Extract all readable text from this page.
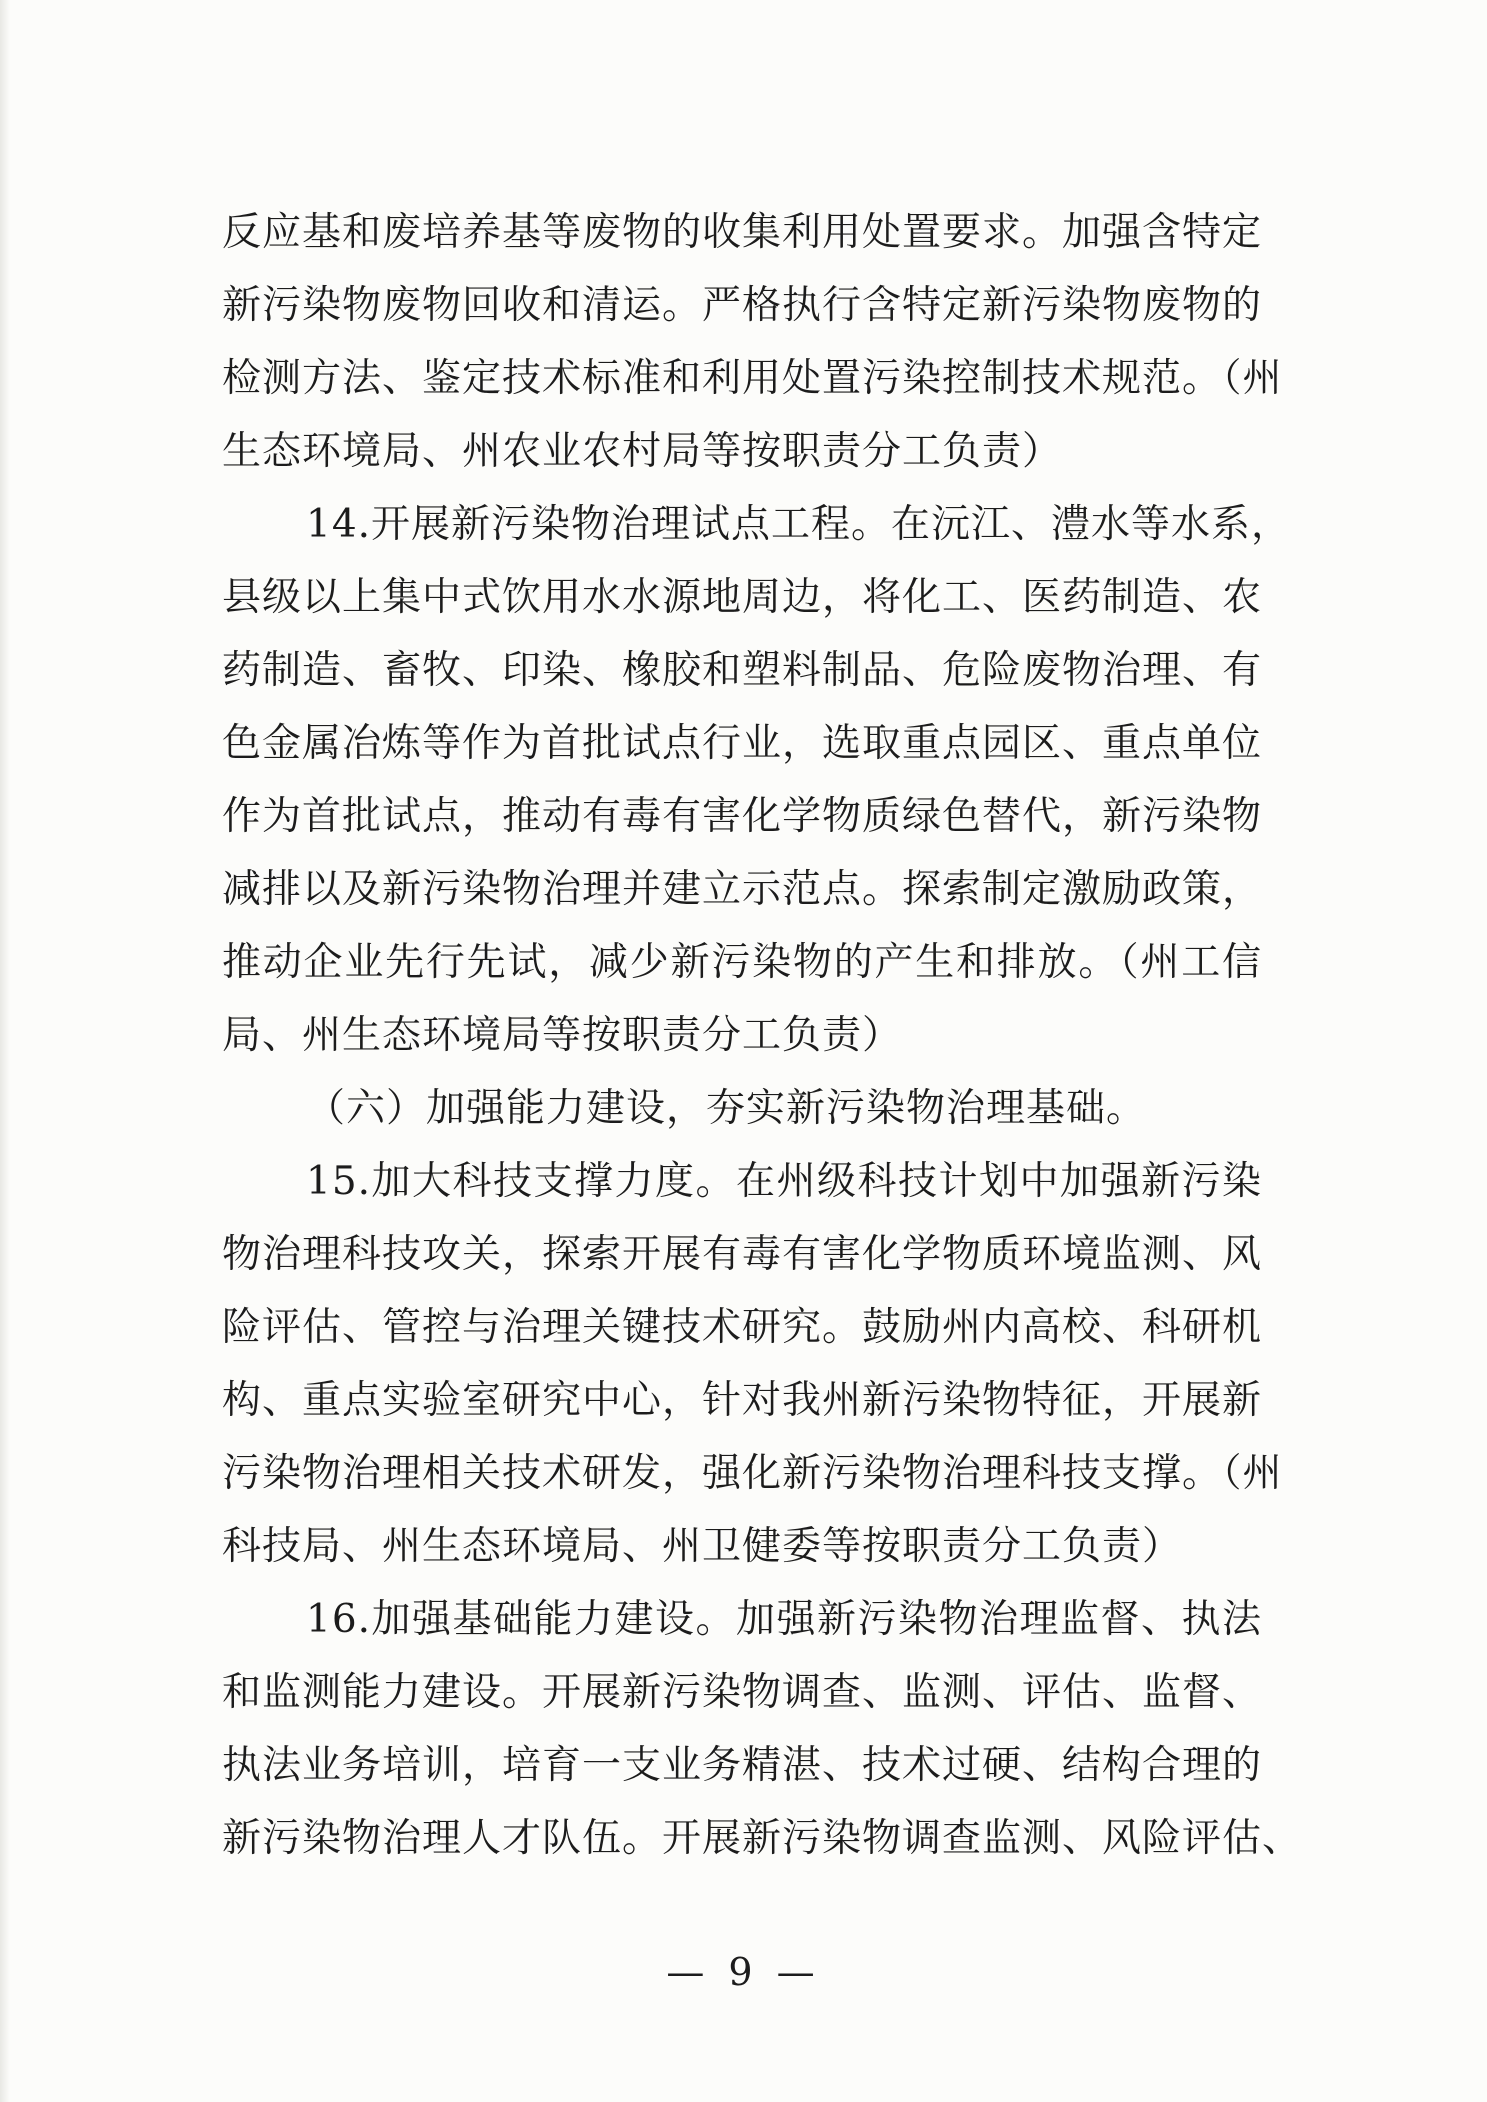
反应基和废培养基等废物的收集利用处置要求。加强含特定
新污染物废物回收和清运。严格执行含特定新污染物废物的
检测方法、鉴定技术标准和利用处置污染控制技术规范。（州
生态环境局、州农业农村局等按职责分工负责）
14.开展新污染物治理试点工程。在沅江、澧水等水系，
县级以上集中式饮用水水源地周边，将化工、医药制造、农
药制造、畜牧、印染、橡胶和塑料制品、危险废物治理、有
色金属冶炼等作为首批试点行业，选取重点园区、重点单位
作为首批试点，推动有毒有害化学物质绿色替代，新污染物
减排以及新污染物治理并建立示范点。探索制定激励政策，
推动企业先行先试，减少新污染物的产生和排放。（州工信
局、州生态环境局等按职责分工负责）
（六）加强能力建设，夯实新污染物治理基础。
15.加大科技支撑力度。在州级科技计划中加强新污染
物治理科技攻关，探索开展有毒有害化学物质环境监测、风
险评估、管控与治理关键技术研究。鼓励州内高校、科研机
构、重点实验室研究中心，针对我州新污染物特征，开展新
污染物治理相关技术研发，强化新污染物治理科技支撑。（州
科技局、州生态环境局、州卫健委等按职责分工负责）
16.加强基础能力建设。加强新污染物治理监督、执法
和监测能力建设。开展新污染物调查、监测、评估、监督、
执法业务培训，培育一支业务精湛、技术过硬、结构合理的
新污染物治理人才队伍。开展新污染物调查监测、风险评估、
— 9 —
